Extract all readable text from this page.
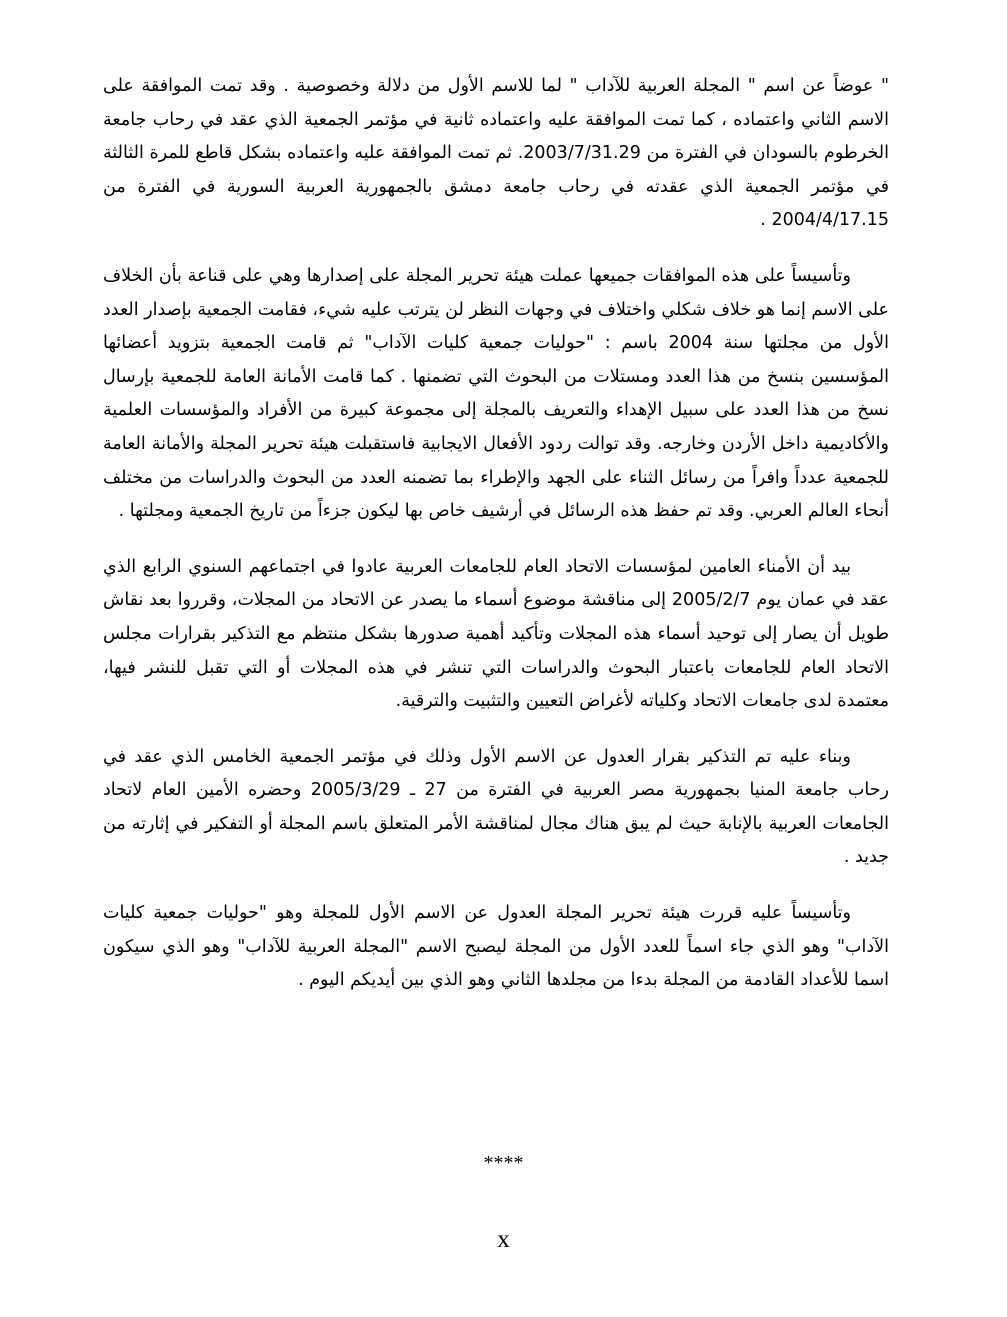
" عوضاً عن اسم " المجلة العربية للآداب " لما للاسم الأول من دلالة وخصوصية . وقد تمت الموافقة على الاسم الثاني واعتماده ، كما تمت الموافقة عليه واعتماده ثانية في مؤتمر الجمعية الذي عقد في رحاب جامعة الخرطوم بالسودان في الفترة من 2003/7/31.29. ثم تمت الموافقة عليه واعتماده بشكل قاطع للمرة الثالثة في مؤتمر الجمعية الذي عقدته في رحاب جامعة دمشق بالجمهورية العربية السورية في الفترة من 2004/4/17.15 .

وتأسيساً على هذه الموافقات جميعها عملت هيئة تحرير المجلة على إصدارها وهي على قناعة بأن الخلاف على الاسم إنما هو خلاف شكلي واختلاف في وجهات النظر لن يترتب عليه شيء، فقامت الجمعية بإصدار العدد الأول من مجلتها سنة 2004 باسم : "حوليات جمعية كليات الآداب" ثم قامت الجمعية بتزويد أعضائها المؤسسين بنسخ من هذا العدد ومستلات من البحوث التي تضمنها . كما قامت الأمانة العامة للجمعية بإرسال نسخ من هذا العدد على سبيل الإهداء والتعريف بالمجلة إلى مجموعة كبيرة من الأفراد والمؤسسات العلمية والأكاديمية داخل الأردن وخارجه. وقد توالت ردود الأفعال الايجابية فاستقبلت هيئة تحرير المجلة والأمانة العامة للجمعية عدداً وافراً من رسائل الثناء على الجهد والإطراء بما تضمنه العدد من البحوث والدراسات من مختلف أنحاء العالم العربي. وقد تم حفظ هذه الرسائل في أرشيف خاص بها ليكون جزءاً من تاريخ الجمعية ومجلتها .

بيد أن الأمناء العامين لمؤسسات الاتحاد العام للجامعات العربية عادوا في اجتماعهم السنوي الرابع الذي عقد في عمان يوم 2005/2/7 إلى مناقشة موضوع أسماء ما يصدر عن الاتحاد من المجلات، وقرروا بعد نقاش طويل أن يصار إلى توحيد أسماء هذه المجلات وتأكيد أهمية صدورها بشكل منتظم مع التذكير بقرارات مجلس الاتحاد العام للجامعات باعتبار البحوث والدراسات التي تنشر في هذه المجلات أو التي تقبل للنشر فيها، معتمدة لدى جامعات الاتحاد وكلياته لأغراض التعيين والتثبيت والترقية.

وبناء عليه تم التذكير بقرار العدول عن الاسم الأول وذلك في مؤتمر الجمعية الخامس الذي عقد في رحاب جامعة المنيا بجمهورية مصر العربية في الفترة من 27 ـ 2005/3/29 وحضره الأمين العام لاتحاد الجامعات العربية بالإنابة حيث لم يبق هناك مجال لمناقشة الأمر المتعلق باسم المجلة أو التفكير في إثارته من جديد .

وتأسيساً عليه قررت هيئة تحرير المجلة العدول عن الاسم الأول للمجلة وهو "حوليات جمعية كليات الآداب" وهو الذي جاء اسماً للعدد الأول من المجلة ليصبح الاسم "المجلة العربية للآداب" وهو الذي سيكون اسما للأعداد القادمة من المجلة بدءا من مجلدها الثاني وهو الذي بين أيديكم اليوم .

****
x
